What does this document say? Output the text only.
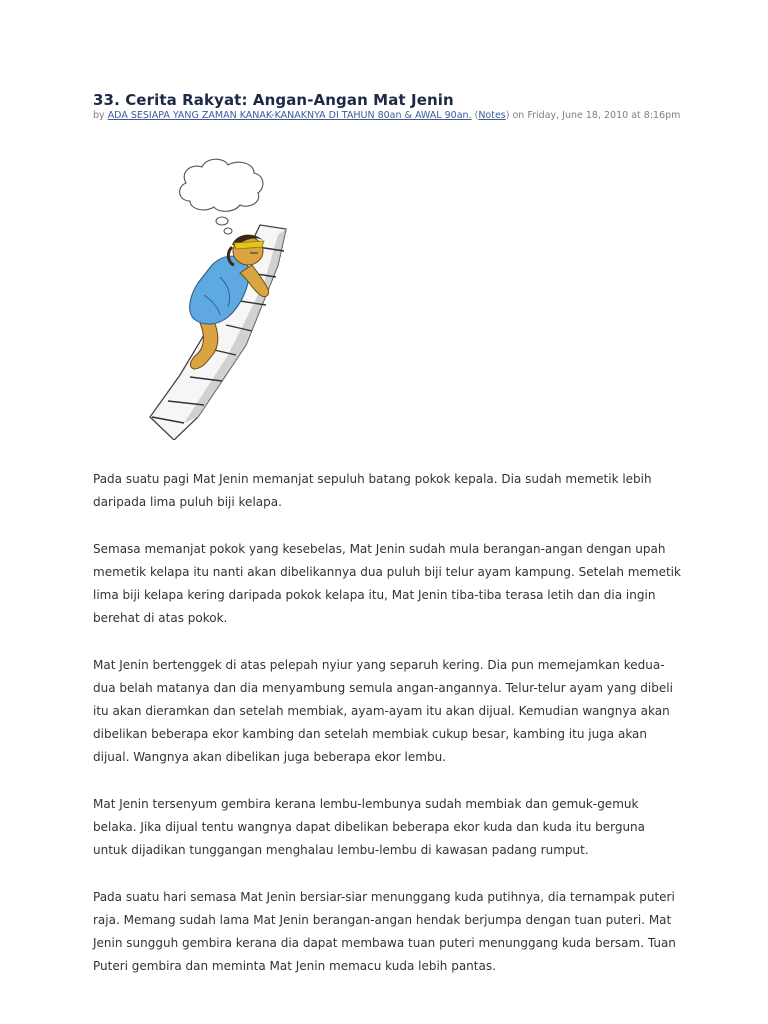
33. Cerita Rakyat: Angan-Angan Mat Jenin
by ADA SESIAPA YANG ZAMAN KANAK-KANAKNYA DI TAHUN 80an & AWAL 90an. (Notes) on Friday, June 18, 2010 at 8:16pm

Pada suatu pagi Mat Jenin memanjat sepuluh batang pokok kepala. Dia sudah memetik lebih daripada lima puluh biji kelapa.

Semasa memanjat pokok yang kesebelas, Mat Jenin sudah mula berangan-angan dengan upah memetik kelapa itu nanti akan dibelikannya dua puluh biji telur ayam kampung. Setelah memetik lima biji kelapa kering daripada pokok kelapa itu, Mat Jenin tiba-tiba terasa letih dan dia ingin berehat di atas pokok.

Mat Jenin bertenggek di atas pelepah nyiur yang separuh kering. Dia pun memejamkan kedua-dua belah matanya dan dia menyambung semula angan-angannya. Telur-telur ayam yang dibeli itu akan dieramkan dan setelah membiak, ayam-ayam itu akan dijual. Kemudian wangnya akan dibelikan beberapa ekor kambing dan setelah membiak cukup besar, kambing itu juga akan dijual. Wangnya akan dibelikan juga beberapa ekor lembu.

Mat Jenin tersenyum gembira kerana lembu-lembunya sudah membiak dan gemuk-gemuk belaka. Jika dijual tentu wangnya dapat dibelikan beberapa ekor kuda dan kuda itu berguna untuk dijadikan tunggangan menghalau lembu-lembu di kawasan padang rumput.

Pada suatu hari semasa Mat Jenin bersiar-siar menunggang kuda putihnya, dia ternampak puteri raja. Memang sudah lama Mat Jenin berangan-angan hendak berjumpa dengan tuan puteri. Mat Jenin sungguh gembira kerana dia dapat membawa tuan puteri menunggang kuda bersam. Tuan Puteri gembira dan meminta Mat Jenin memacu kuda lebih pantas.
